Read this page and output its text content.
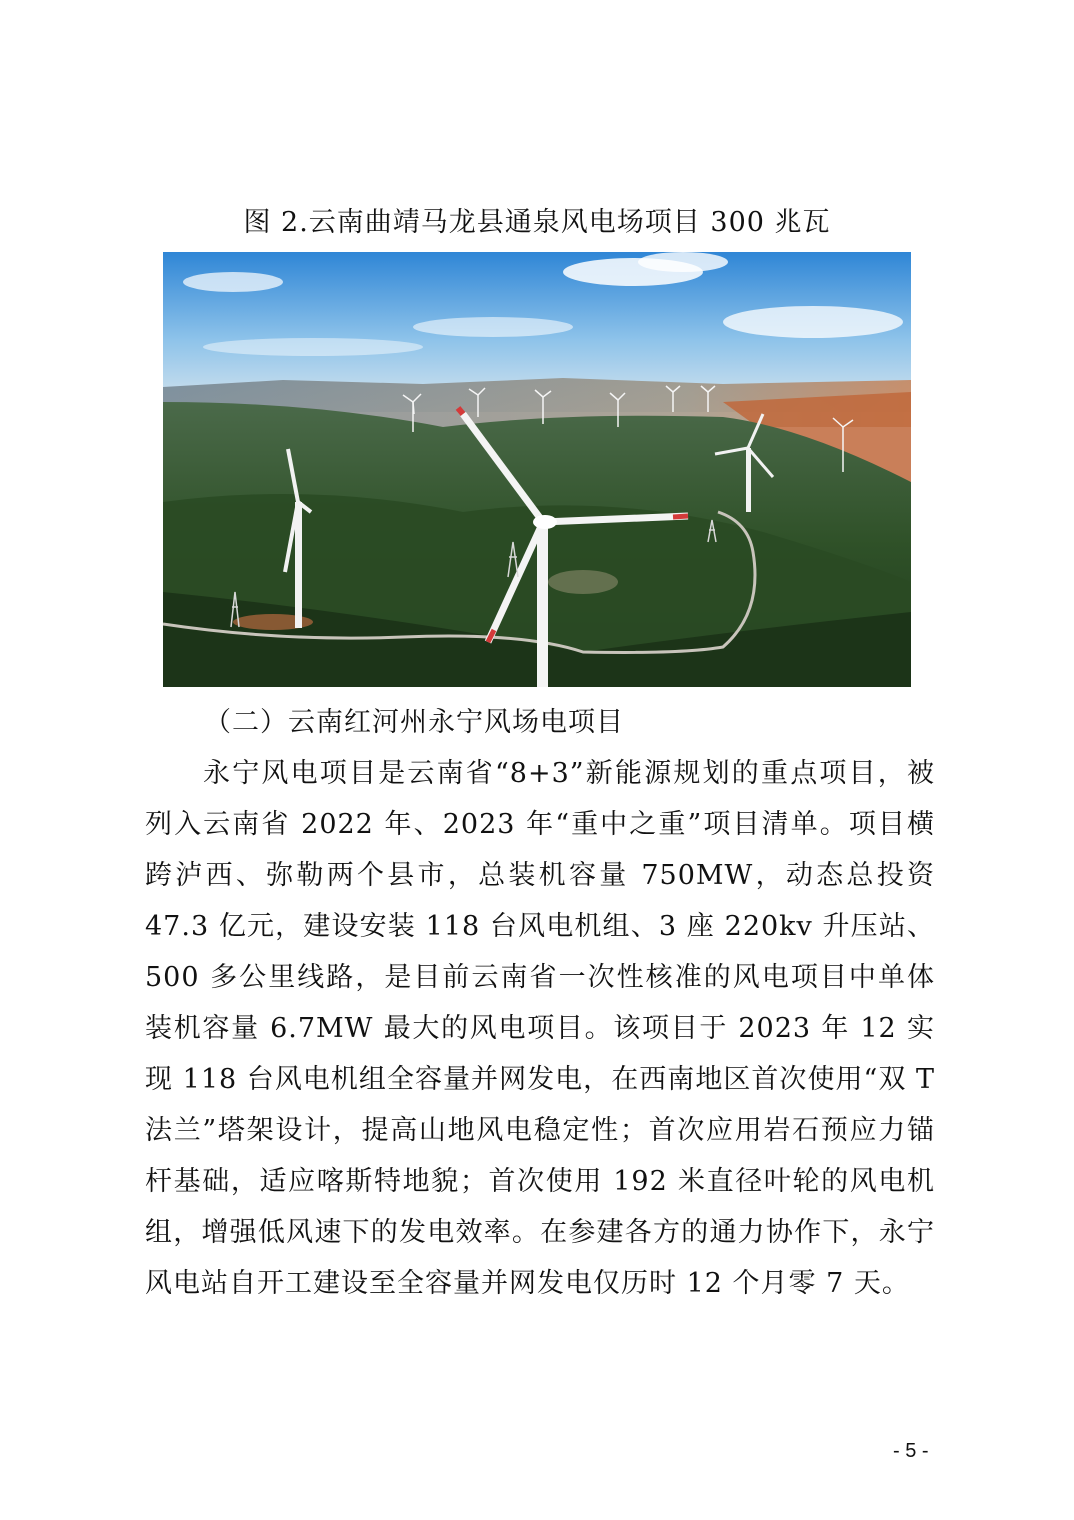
图 2.云南曲靖马龙县通泉风电场项目 300 兆瓦
（二）云南红河州永宁风场电项目
永宁风电项目是云南省“8+3”新能源规划的重点项目，被列入云南省 2022 年、2023 年“重中之重”项目清单。项目横跨泸西、弥勒两个县市，总装机容量 750MW，动态总投资 47.3 亿元，建设安装 118 台风电机组、3 座 220kv 升压站、500 多公里线路，是目前云南省一次性核准的风电项目中单体装机容量 6.7MW 最大的风电项目。该项目于 2023 年 12 实现 118 台风电机组全容量并网发电，在西南地区首次使用“双 T 法兰”塔架设计，提高山地风电稳定性；首次应用岩石预应力锚杆基础，适应喀斯特地貌；首次使用 192 米直径叶轮的风电机组，增强低风速下的发电效率。在参建各方的通力协作下，永宁风电站自开工建设至全容量并网发电仅历时 12 个月零 7 天。
- 5 -
